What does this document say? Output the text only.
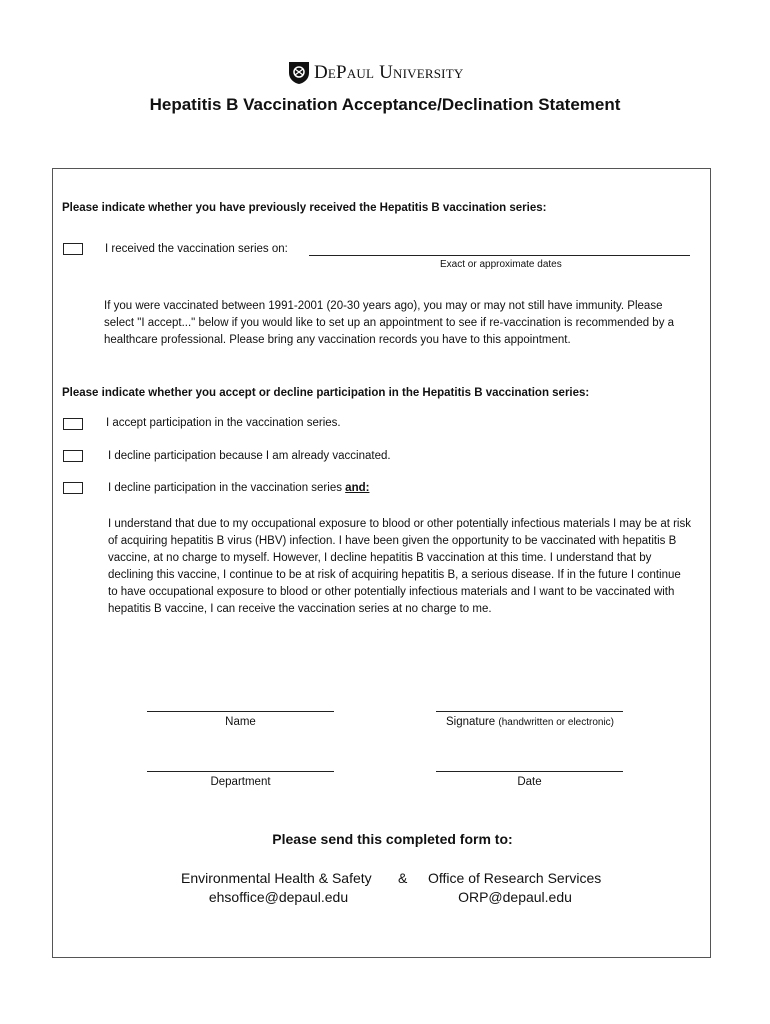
DePaul University
Hepatitis B Vaccination Acceptance/Declination Statement
Please indicate whether you have previously received the Hepatitis B vaccination series:
I received the vaccination series on:
Exact or approximate dates
If you were vaccinated between 1991-2001 (20-30 years ago), you may or may not still have immunity. Please select "I accept..." below if you would like to set up an appointment to see if re-vaccination is recommended by a healthcare professional. Please bring any vaccination records you have to this appointment.
Please indicate whether you accept or decline participation in the Hepatitis B vaccination series:
I accept participation in the vaccination series.
I decline participation because I am already vaccinated.
I decline participation in the vaccination series and:
I understand that due to my occupational exposure to blood or other potentially infectious materials I may be at risk of acquiring hepatitis B virus (HBV) infection. I have been given the opportunity to be vaccinated with hepatitis B vaccine, at no charge to myself. However, I decline hepatitis B vaccination at this time. I understand that by declining this vaccine, I continue to be at risk of acquiring hepatitis B, a serious disease. If in the future I continue to have occupational exposure to blood or other potentially infectious materials and I want to be vaccinated with hepatitis B vaccine, I can receive the vaccination series at no charge to me.
Name	Signature (handwritten or electronic)
Department	Date
Please send this completed form to:
Environmental Health & Safety & Office of Research Services
ehsoffice@depaul.edu	ORP@depaul.edu
